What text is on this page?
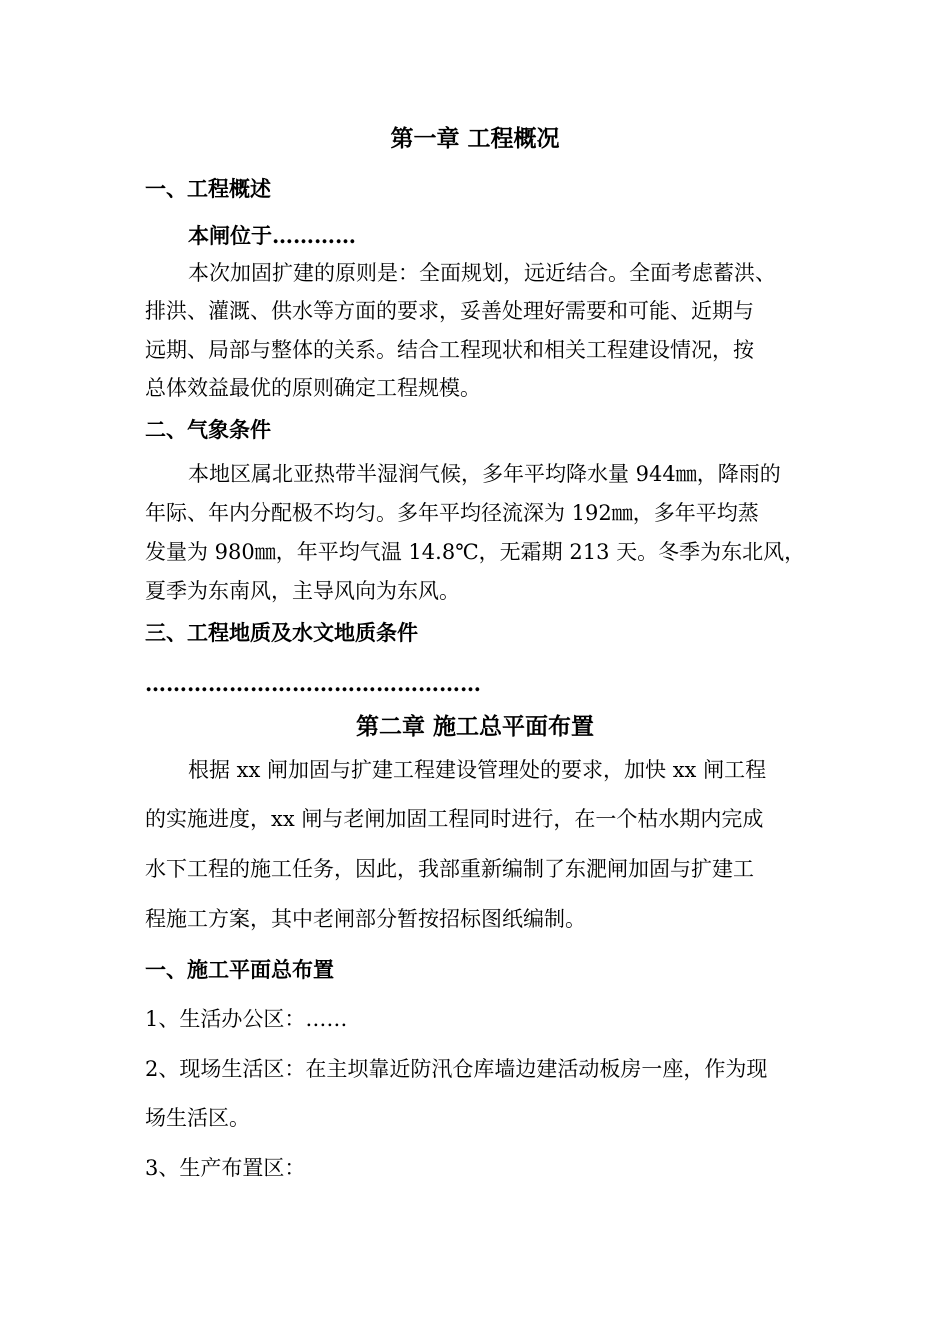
第一章 工程概况
一、工程概述
本闸位于…………
本次加固扩建的原则是：全面规划，远近结合。全面考虑蓄洪、
排洪、灌溉、供水等方面的要求，妥善处理好需要和可能、近期与
远期、局部与整体的关系。结合工程现状和相关工程建设情况，按
总体效益最优的原则确定工程规模。
二、气象条件
本地区属北亚热带半湿润气候，多年平均降水量 944㎜，降雨的
年际、年内分配极不均匀。多年平均径流深为 192㎜，多年平均蒸
发量为 980㎜，年平均气温 14.8℃，无霜期 213 天。冬季为东北风，
夏季为东南风，主导风向为东风。
三、工程地质及水文地质条件
…………………………………………
第二章 施工总平面布置
根据 xx 闸加固与扩建工程建设管理处的要求，加快 xx 闸工程
的实施进度，xx 闸与老闸加固工程同时进行，在一个枯水期内完成
水下工程的施工任务，因此，我部重新编制了东淝闸加固与扩建工
程施工方案，其中老闸部分暂按招标图纸编制。
一、施工平面总布置
1、生活办公区：……
2、现场生活区：在主坝靠近防汛仓库墙边建活动板房一座，作为现
场生活区。
3、生产布置区：
